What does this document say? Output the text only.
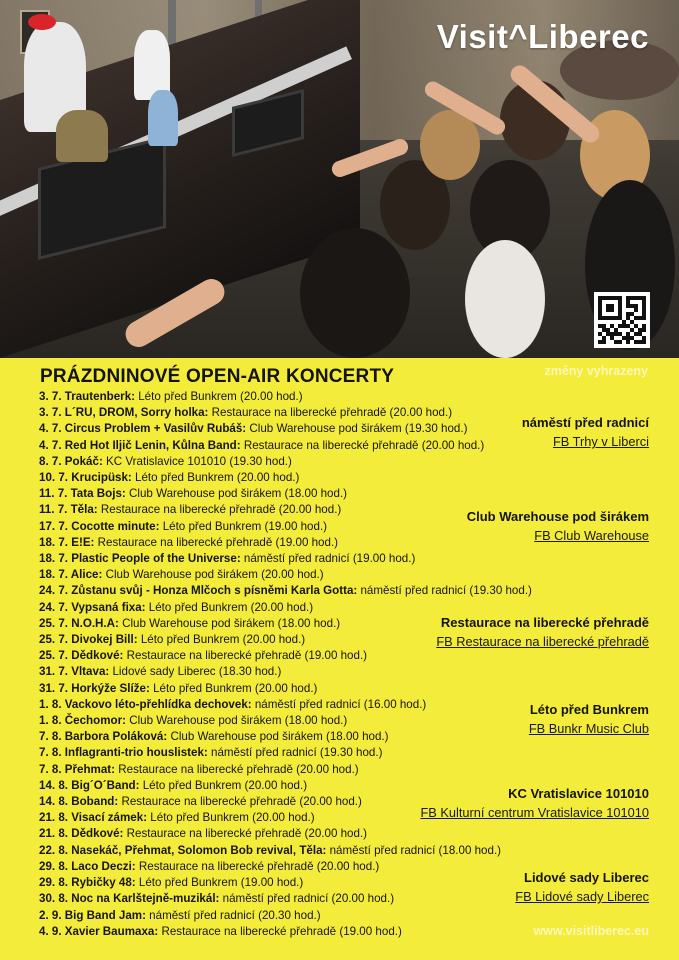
Visit^Liberec
PRÁZDNINOVÉ OPEN-AIR KONCERTY	změny vyhrazeny
3. 7. Trautenberk: Léto před Bunkrem (20.00 hod.)
3. 7. L´RU, DROM, Sorry holka: Restaurace na liberecké přehradě (20.00 hod.)
4. 7. Circus Problem + Vasilův Rubáš: Club Warehouse pod širákem (19.30 hod.)
4. 7. Red Hot Iljič Lenin, Kůlna Band: Restaurace na liberecké přehradě (20.00 hod.)
8. 7. Pokáč: KC Vratislavice 101010 (19.30 hod.)
10. 7. Krucipüsk: Léto před Bunkrem (20.00 hod.)
11. 7. Tata Bojs: Club Warehouse pod širákem (18.00 hod.)
11. 7. Těla: Restaurace na liberecké přehradě (20.00 hod.)
17. 7. Cocotte minute: Léto před Bunkrem (19.00 hod.)
18. 7. E!E: Restaurace na liberecké přehradě (19.00 hod.)
18. 7. Plastic People of the Universe: náměstí před radnicí (19.00 hod.)
18. 7. Alice: Club Warehouse pod širákem (20.00 hod.)
24. 7. Zůstanu svůj - Honza Mlčoch s písněmi Karla Gotta: náměstí před radnicí (19.30 hod.)
24. 7. Vypsaná fixa: Léto před Bunkrem (20.00 hod.)
25. 7. N.O.H.A: Club Warehouse pod širákem (18.00 hod.)
25. 7. Divokej Bill: Léto před Bunkrem (20.00 hod.)
25. 7. Dědkové: Restaurace na liberecké přehradě (19.00 hod.)
31. 7. Vltava: Lidové sady Liberec (18.30 hod.)
31. 7. Horkýže Slíže: Léto před Bunkrem (20.00 hod.)
1. 8. Vackovo léto-přehlídka dechovek: náměstí před radnicí (16.00 hod.)
1. 8. Čechomor: Club Warehouse pod širákem (18.00 hod.)
7. 8. Barbora Poláková: Club Warehouse pod širákem (18.00 hod.)
7. 8. Inflagranti-trio houslistek: náměstí před radnicí (19.30 hod.)
7. 8. Přehmat: Restaurace na liberecké přehradě (20.00 hod.)
14. 8. Big´O´Band: Léto před Bunkrem (20.00 hod.)
14. 8. Boband: Restaurace na liberecké přehradě (20.00 hod.)
21. 8. Visací zámek: Léto před Bunkrem (20.00 hod.)
21. 8. Dědkové: Restaurace na liberecké přehradě (20.00 hod.)
22. 8. Nasekáč, Přehmat, Solomon Bob revival, Těla: náměstí před radnicí (18.00 hod.)
29. 8. Laco Deczi: Restaurace na liberecké přehradě (20.00 hod.)
29. 8. Rybičky 48: Léto před Bunkrem (19.00 hod.)
30. 8. Noc na Karlštejně-muzikál: náměstí před radnicí (20.00 hod.)
2. 9. Big Band Jam: náměstí před radnicí (20.30 hod.)
4. 9. Xavier Baumaxa: Restaurace na liberecké přehradě (19.00 hod.)
náměstí před radnicí
FB Trhy v Liberci
Club Warehouse pod širákem
FB Club Warehouse
Restaurace na liberecké přehradě
FB Restaurace na liberecké přehradě
Léto před Bunkrem
FB Bunkr Music Club
KC Vratislavice 101010
FB Kulturní centrum Vratislavice 101010
Lidové sady Liberec
FB Lidové sady Liberec
www.visitliberec.eu
